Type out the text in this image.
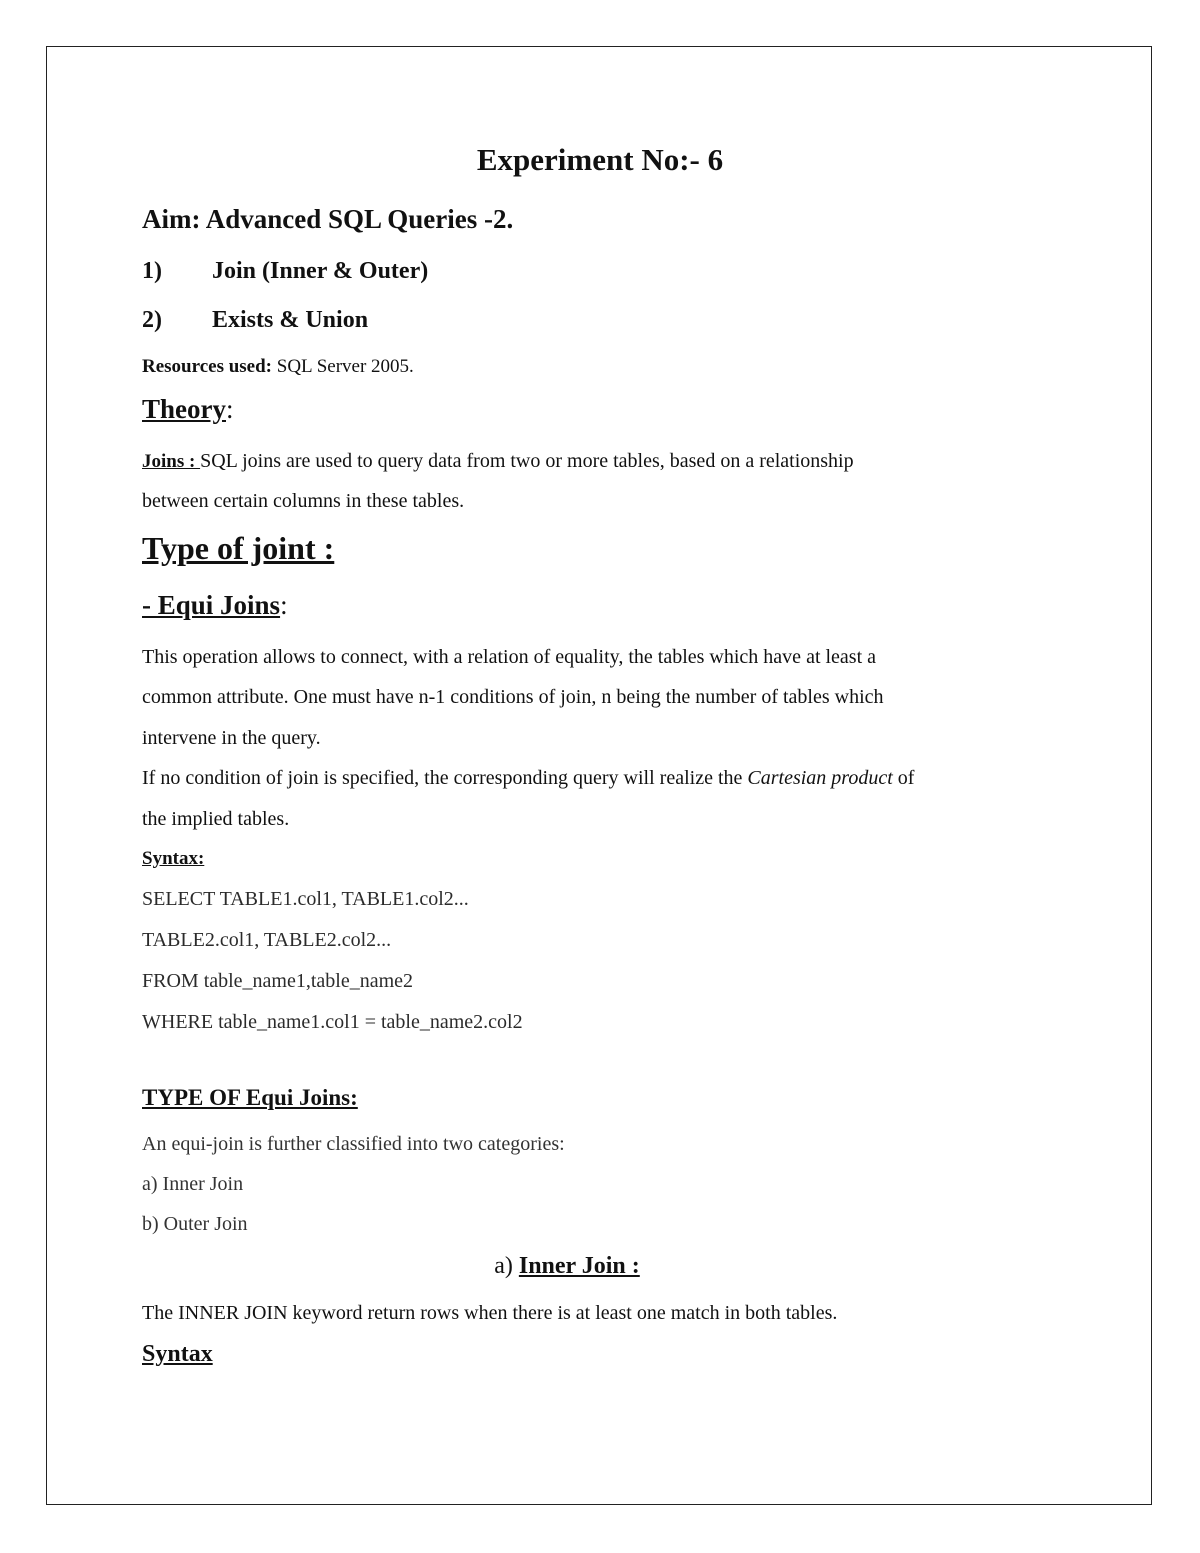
Experiment No:- 6
Aim: Advanced SQL Queries -2.
1) Join (Inner & Outer)
2) Exists & Union
Resources used: SQL Server 2005.
Theory:
Joins : SQL joins are used to query data from two or more tables, based on a relationship
between certain columns in these tables.
Type of joint :
- Equi Joins:
This operation allows to connect, with a relation of equality, the tables which have at least a
common attribute. One must have n-1 conditions of join, n being the number of tables which
intervene in the query.
If no condition of join is specified, the corresponding query will realize the Cartesian product of
the implied tables.
Syntax:
SELECT TABLE1.col1, TABLE1.col2...
TABLE2.col1, TABLE2.col2...
FROM table_name1,table_name2
WHERE table_name1.col1 = table_name2.col2
TYPE OF Equi Joins:
An equi-join is further classified into two categories:
a) Inner Join
b) Outer Join
a) Inner Join :
The INNER JOIN keyword return rows when there is at least one match in both tables.
Syntax
